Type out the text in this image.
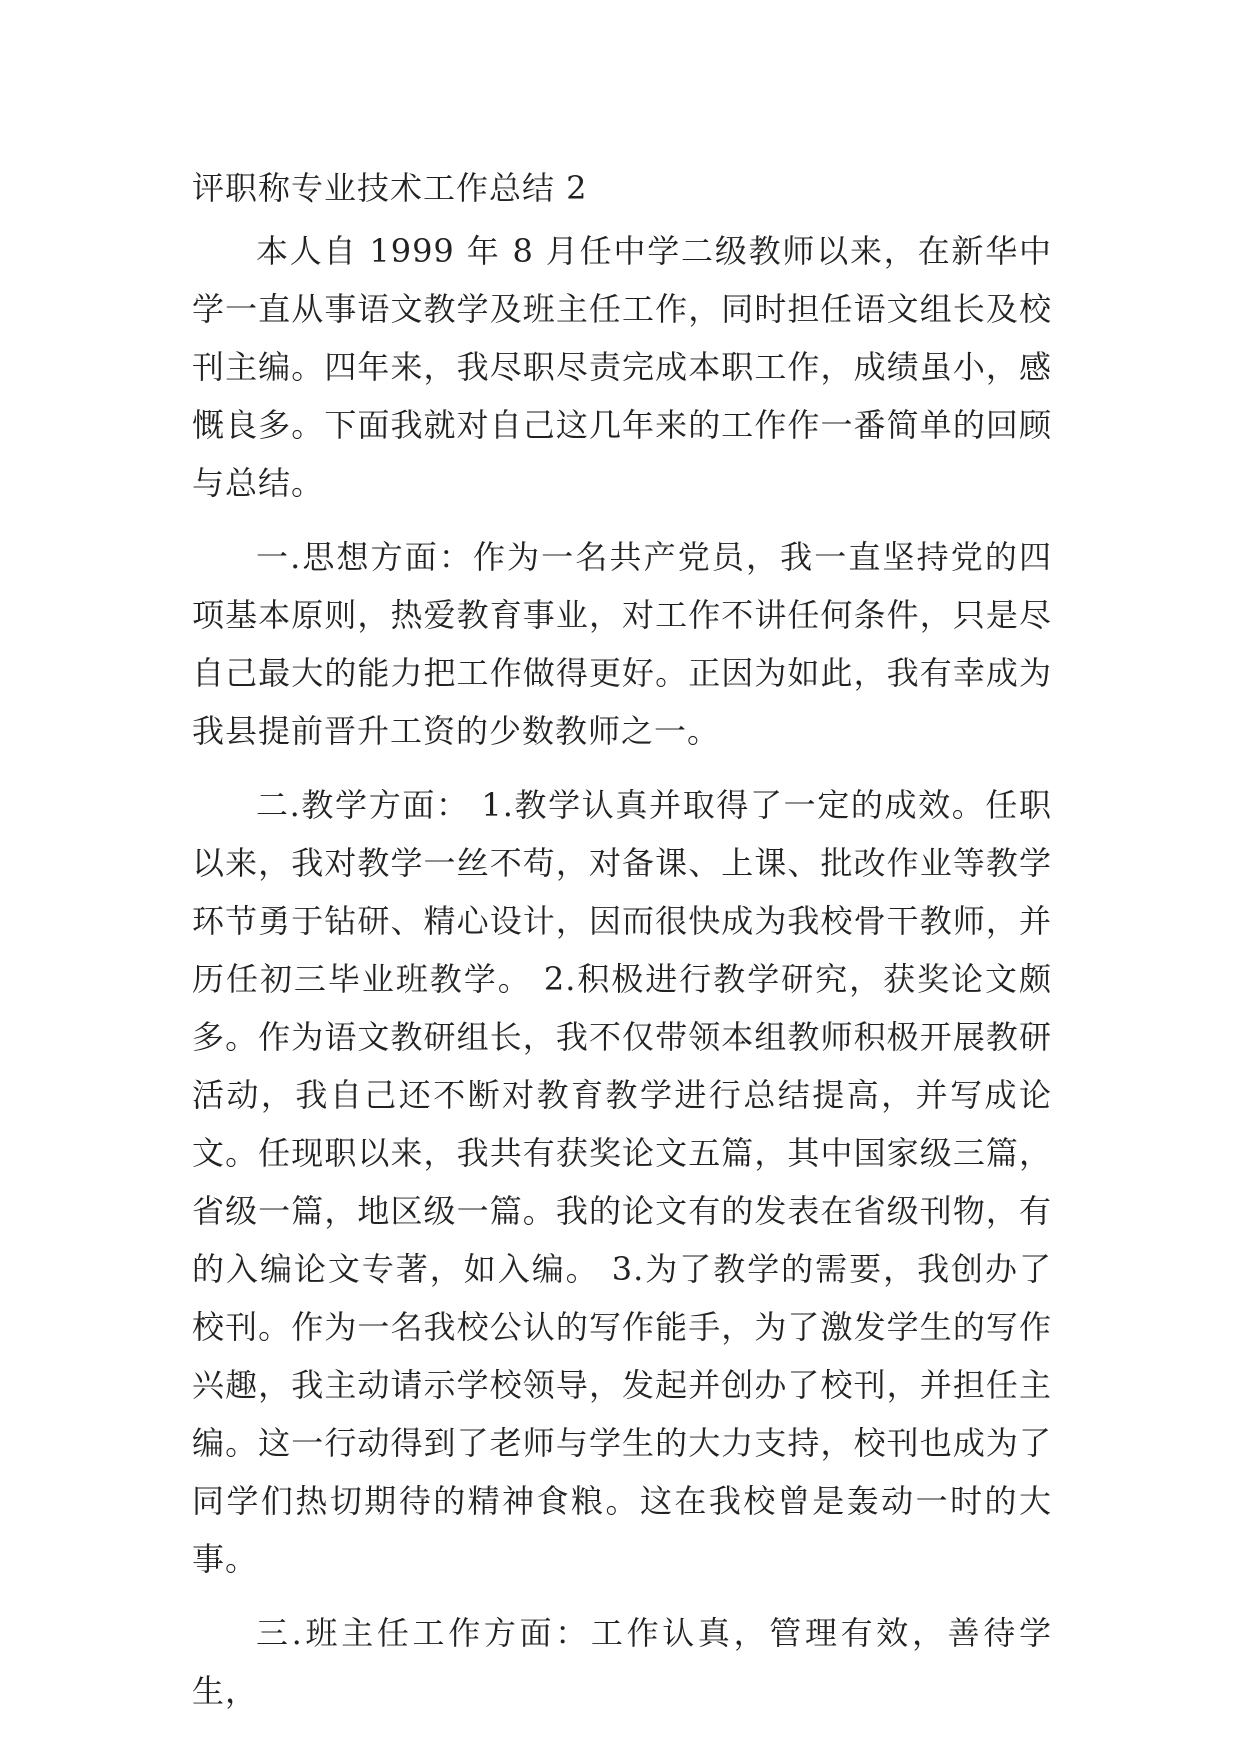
评职称专业技术工作总结 2

本人自 1999 年 8 月任中学二级教师以来，在新华中学一直从事语文教学及班主任工作，同时担任语文组长及校刊主编。四年来，我尽职尽责完成本职工作，成绩虽小，感慨良多。下面我就对自己这几年来的工作作一番简单的回顾与总结。

一.思想方面：作为一名共产党员，我一直坚持党的四项基本原则，热爱教育事业，对工作不讲任何条件，只是尽自己最大的能力把工作做得更好。正因为如此，我有幸成为我县提前晋升工资的少数教师之一。

二.教学方面： 1.教学认真并取得了一定的成效。任职以来，我对教学一丝不苟，对备课、上课、批改作业等教学环节勇于钻研、精心设计，因而很快成为我校骨干教师，并历任初三毕业班教学。 2.积极进行教学研究，获奖论文颇多。作为语文教研组长，我不仅带领本组教师积极开展教研活动，我自己还不断对教育教学进行总结提高，并写成论文。任现职以来，我共有获奖论文五篇，其中国家级三篇，省级一篇，地区级一篇。我的论文有的发表在省级刊物，有的入编论文专著，如入编。 3.为了教学的需要，我创办了校刊。作为一名我校公认的写作能手，为了激发学生的写作兴趣，我主动请示学校领导，发起并创办了校刊，并担任主编。这一行动得到了老师与学生的大力支持，校刊也成为了同学们热切期待的精神食粮。这在我校曾是轰动一时的大事。

三.班主任工作方面：工作认真，管理有效，善待学生，
